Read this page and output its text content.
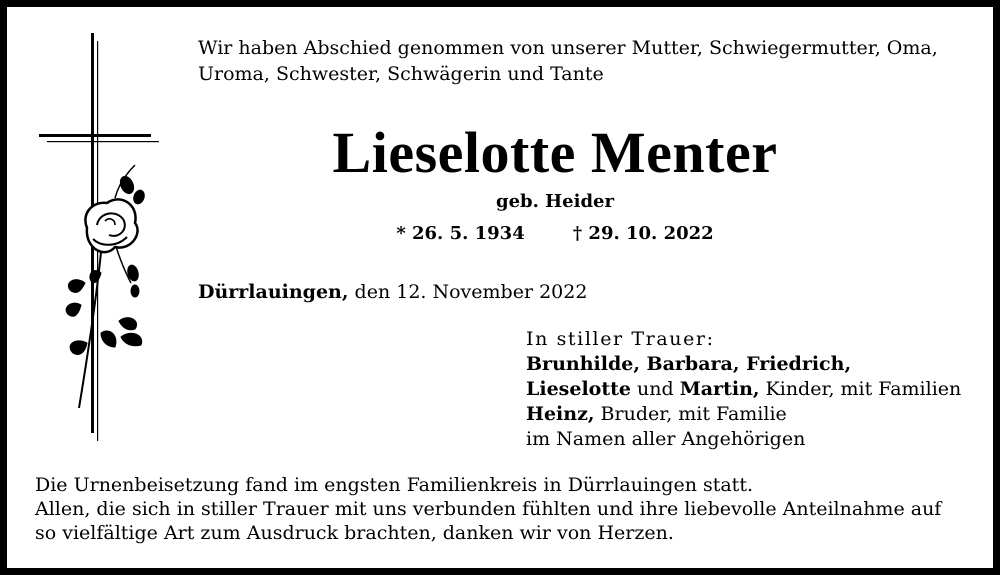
Wir haben Abschied genommen von unserer Mutter, Schwiegermutter, Oma, Uroma, Schwester, Schwägerin und Tante
Lieselotte Menter
geb. Heider
* 26. 5. 1934	† 29. 10. 2022
Dürrlauingen, den 12. November 2022
In stiller Trauer:
Brunhilde, Barbara, Friedrich,
Lieselotte und Martin, Kinder, mit Familien
Heinz, Bruder, mit Familie
im Namen aller Angehörigen
Die Urnenbeisetzung fand im engsten Familienkreis in Dürrlauingen statt.
Allen, die sich in stiller Trauer mit uns verbunden fühlten und ihre liebevolle Anteilnahme auf
so vielfältige Art zum Ausdruck brachten, danken wir von Herzen.
